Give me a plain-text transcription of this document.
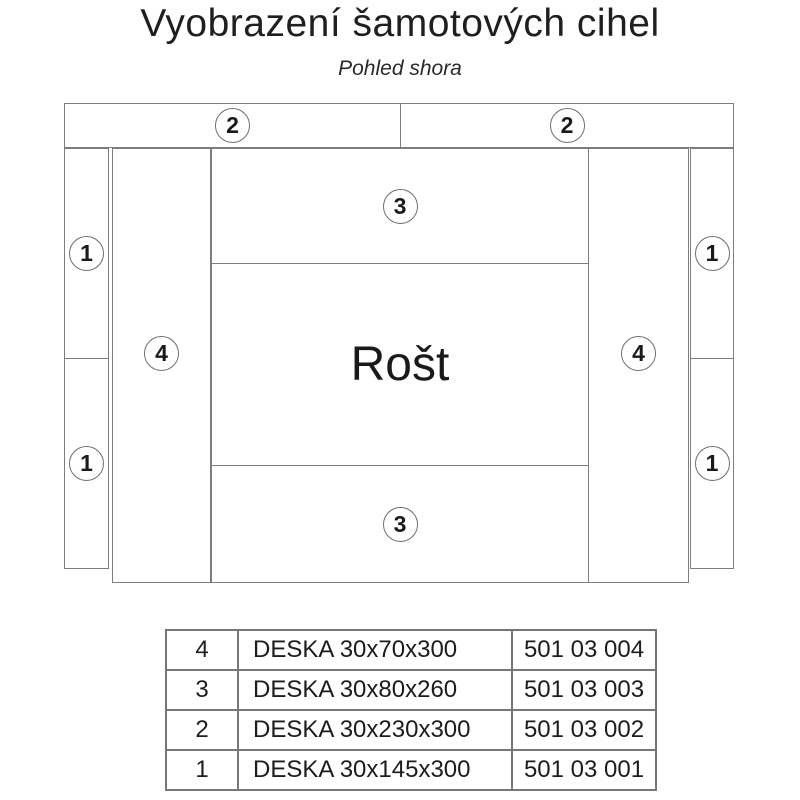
Vyobrazení šamotových cihel
Pohled shora
2	2
1
1
4
3
Rošt
3
4
1
1
4	DESKA 30x70x300	501 03 004
3	DESKA 30x80x260	501 03 003
2	DESKA 30x230x300	501 03 002
1	DESKA 30x145x300	501 03 001
